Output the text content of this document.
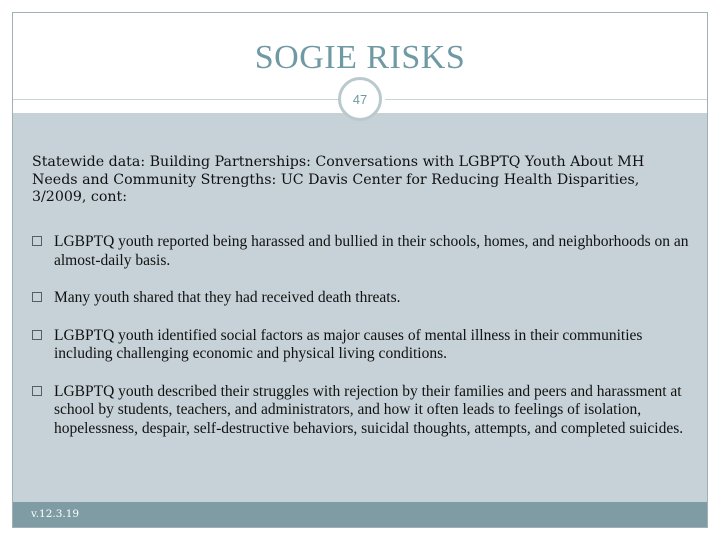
SOGIE RISKS
47
Statewide data: Building Partnerships: Conversations with LGBPTQ Youth About MH Needs and Community Strengths: UC Davis Center for Reducing Health Disparities, 3/2009, cont:
LGBPTQ youth reported being harassed and bullied in their schools, homes, and neighborhoods on an almost-daily basis.
Many youth shared that they had received death threats.
LGBPTQ youth identified social factors as major causes of mental illness in their communities including challenging economic and physical living conditions.
LGBPTQ youth described their struggles with rejection by their families and peers and harassment at school by students, teachers, and administrators, and how it often leads to feelings of isolation, hopelessness, despair, self-destructive behaviors, suicidal thoughts, attempts, and completed suicides.
v.12.3.19
